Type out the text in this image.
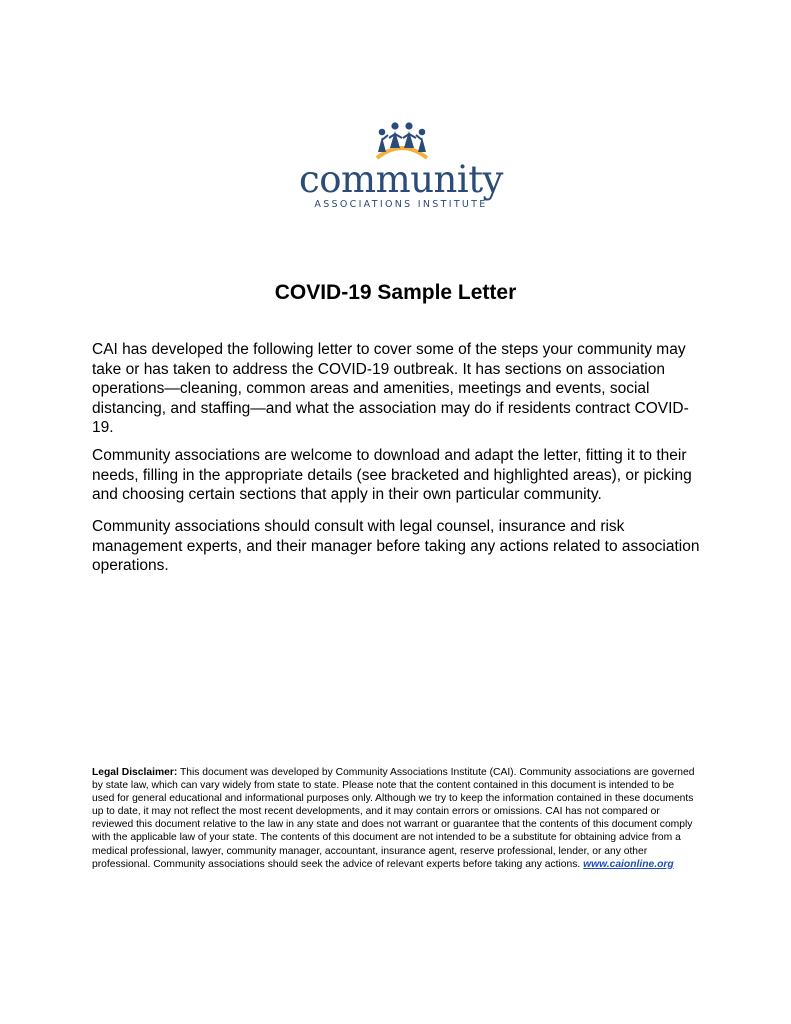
community
ASSOCIATIONS INSTITUTE
COVID-19 Sample Letter

CAI has developed the following letter to cover some of the steps your community may take or has taken to address the COVID-19 outbreak. It has sections on association operations—cleaning, common areas and amenities, meetings and events, social distancing, and staffing—and what the association may do if residents contract COVID-19.

Community associations are welcome to download and adapt the letter, fitting it to their needs, filling in the appropriate details (see bracketed and highlighted areas), or picking and choosing certain sections that apply in their own particular community.

Community associations should consult with legal counsel, insurance and risk management experts, and their manager before taking any actions related to association operations.

Legal Disclaimer: This document was developed by Community Associations Institute (CAI). Community associations are governed by state law, which can vary widely from state to state. Please note that the content contained in this document is intended to be used for general educational and informational purposes only. Although we try to keep the information contained in these documents up to date, it may not reflect the most recent developments, and it may contain errors or omissions. CAI has not compared or reviewed this document relative to the law in any state and does not warrant or guarantee that the contents of this document comply with the applicable law of your state. The contents of this document are not intended to be a substitute for obtaining advice from a medical professional, lawyer, community manager, accountant, insurance agent, reserve professional, lender, or any other professional. Community associations should seek the advice of relevant experts before taking any actions. www.caionline.org
